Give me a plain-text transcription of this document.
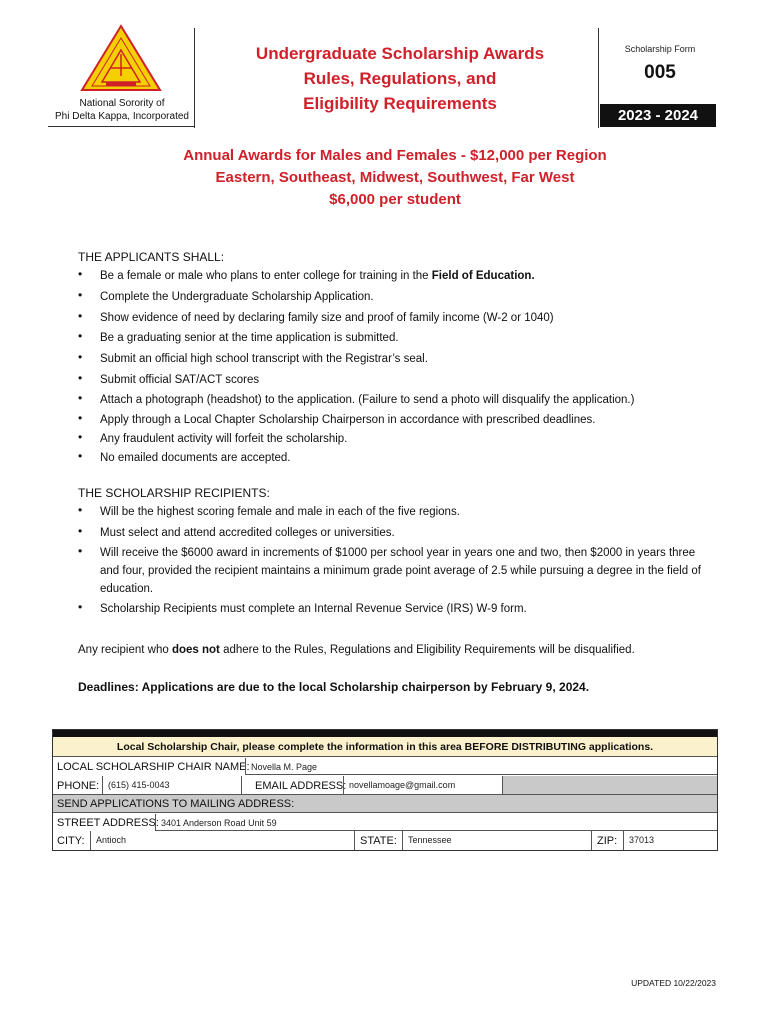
National Sorority of
Phi Delta Kappa, Incorporated
Undergraduate Scholarship Awards
Rules, Regulations, and
Eligibility Requirements
Scholarship Form
005
2023 - 2024
Annual Awards for Males and Females - $12,000 per Region
Eastern, Southeast, Midwest, Southwest, Far West
$6,000 per student
THE APPLICANTS SHALL:
• Be a female or male who plans to enter college for training in the Field of Education.
• Complete the Undergraduate Scholarship Application.
• Show evidence of need by declaring family size and proof of family income (W-2 or 1040)
• Be a graduating senior at the time application is submitted.
• Submit an official high school transcript with the Registrar’s seal.
• Submit official SAT/ACT scores
• Attach a photograph (headshot) to the application. (Failure to send a photo will disqualify the application.)
• Apply through a Local Chapter Scholarship Chairperson in accordance with prescribed deadlines.
• Any fraudulent activity will forfeit the scholarship.
• No emailed documents are accepted.
THE SCHOLARSHIP RECIPIENTS:
• Will be the highest scoring female and male in each of the five regions.
• Must select and attend accredited colleges or universities.
• Will receive the $6000 award in increments of $1000 per school year in years one and two, then $2000 in years three and four, provided the recipient maintains a minimum grade point average of 2.5 while pursuing a degree in the field of education.
• Scholarship Recipients must complete an Internal Revenue Service (IRS) W-9 form.
Any recipient who does not adhere to the Rules, Regulations and Eligibility Requirements will be disqualified.
Deadlines: Applications are due to the local Scholarship chairperson by February 9, 2024.
Local Scholarship Chair, please complete the information in this area BEFORE DISTRIBUTING applications.
LOCAL SCHOLARSHIP CHAIR NAME: Novella M. Page
PHONE: (615) 415-0043	EMAIL ADDRESS: novellamoage@gmail.com
SEND APPLICATIONS TO MAILING ADDRESS:
STREET ADDRESS: 3401 Anderson Road Unit 59
CITY: Antioch	STATE: Tennessee	ZIP: 37013
UPDATED 10/22/2023
